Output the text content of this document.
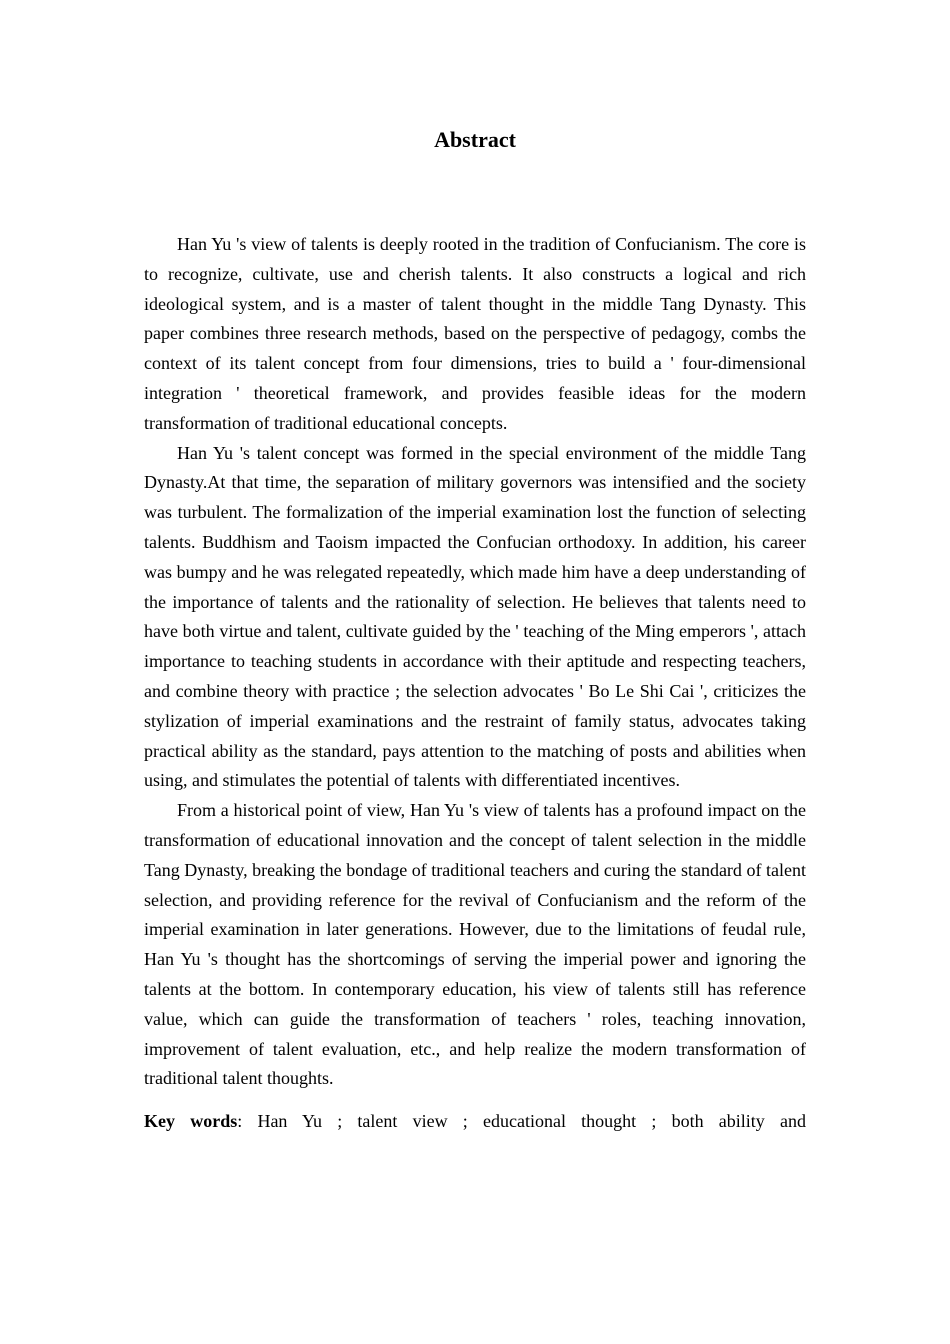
Abstract

Han Yu 's view of talents is deeply rooted in the tradition of Confucianism. The core is to recognize, cultivate, use and cherish talents. It also constructs a logical and rich ideological system, and is a master of talent thought in the middle Tang Dynasty. This paper combines three research methods, based on the perspective of pedagogy, combs the context of its talent concept from four dimensions, tries to build a ' four-dimensional integration ' theoretical framework, and provides feasible ideas for the modern transformation of traditional educational concepts.

Han Yu 's talent concept was formed in the special environment of the middle Tang Dynasty.At that time, the separation of military governors was intensified and the society was turbulent. The formalization of the imperial examination lost the function of selecting talents. Buddhism and Taoism impacted the Confucian orthodoxy. In addition, his career was bumpy and he was relegated repeatedly, which made him have a deep understanding of the importance of talents and the rationality of selection. He believes that talents need to have both virtue and talent, cultivate guided by the ' teaching of the Ming emperors ', attach importance to teaching students in accordance with their aptitude and respecting teachers, and combine theory with practice ; the selection advocates ' Bo Le Shi Cai ', criticizes the stylization of imperial examinations and the restraint of family status, advocates taking practical ability as the standard, pays attention to the matching of posts and abilities when using, and stimulates the potential of talents with differentiated incentives.

From a historical point of view, Han Yu 's view of talents has a profound impact on the transformation of educational innovation and the concept of talent selection in the middle Tang Dynasty, breaking the bondage of traditional teachers and curing the standard of talent selection, and providing reference for the revival of Confucianism and the reform of the imperial examination in later generations. However, due to the limitations of feudal rule, Han Yu 's thought has the shortcomings of serving the imperial power and ignoring the talents at the bottom. In contemporary education, his view of talents still has reference value, which can guide the transformation of teachers ' roles, teaching innovation, improvement of talent evaluation, etc., and help realize the modern transformation of traditional talent thoughts.

Key words: Han Yu ; talent view ; educational thought ; both ability and
